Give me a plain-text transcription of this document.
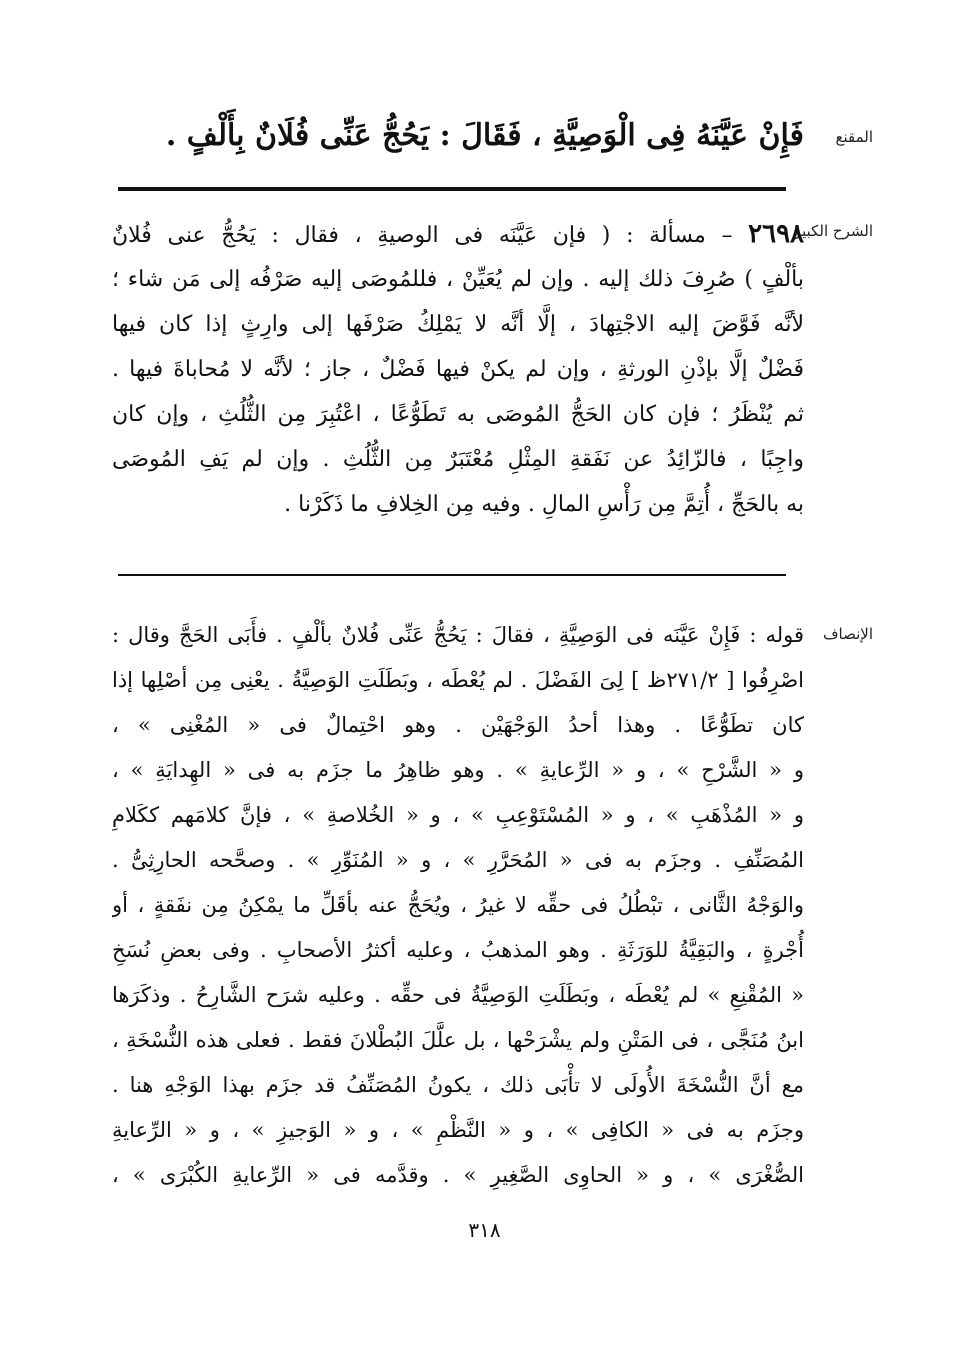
المقنع
فَإِنْ عَيَّنَهُ فِى الْوَصِيَّةِ ، فَقَالَ : يَحُجُّ عَنِّى فُلَانٌ بِأَلْفٍ .
الشرح الكبير
٢٦٩٨ – مسألة : ( فإن عَيَّنَه فى الوصيةِ ، فقال : يَحُجُّ عنى فُلانٌ
بألْفٍ ) صُرِفَ ذلك إليه . وإن لم يُعَيِّنْ ، فللمُوصَى إليه صَرْفُه إلى مَن شاء ؛
لأنَّه فَوَّضَ إليه الاجْتِهادَ ، إلَّا أنَّه لا يَمْلِكُ صَرْفَها إلى وارِثٍ إذا كان فيها
فَضْلٌ إلَّا بإذْنِ الورثةِ ، وإن لم يكنْ فيها فَضْلٌ ، جاز ؛ لأنَّه لا مُحاباةَ فيها .
ثم يُنْظَرُ ؛ فإن كان الحَجُّ المُوصَى به تَطَوُّعًا ، اعْتُبِرَ مِن الثُّلُثِ ، وإن كان
واجِبًا ، فالزّائِدُ عن نَفَقةِ المِثْلِ مُعْتَبَرٌ مِن الثُّلُثِ . وإن لم يَفِ المُوصَى
به بالحَجِّ ، أُتِمَّ مِن رَأْسِ المالِ . وفيه مِن الخِلافِ ما ذَكَرْنا .
الإنصاف
قوله : فَإِنْ عَيَّنَه فى الوَصِيَّةِ ، فقالَ : يَحُجُّ عَنِّى فُلانٌ بألْفٍ . فأَبَى الحَجَّ وقال :
اصْرِفُوا [ ٢٧١/٢ظ ] لِىَ الفَضْلَ . لم يُعْطَه ، وبَطَلَتِ الوَصِيَّةُ . يعْنِى مِن أصْلِها إذا
كان تطَوُّعًا . وهذا أحدُ الوَجْهَيْن . وهو احْتِمالٌ فى « المُغْنِى » ،
و « الشَّرْحِ » ، و « الرِّعايةِ » . وهو ظاهِرُ ما جزَم به فى « الهِدايَةِ » ،
و « المُذْهَبِ » ، و « المُسْتَوْعِبِ » ، و « الخُلاصةِ » ، فإنَّ كلامَهم ككَلامِ
المُصَنِّفِ . وجزَم به فى « المُحَرَّرِ » ، و « المُنَوِّرِ » . وصحَّحه الحارِثِىُّ .
والوَجْهُ الثَّانى ، تبْطُلُ فى حقِّه لا غيرُ ، ويُحَجُّ عنه بأقَلِّ ما يمْكِنُ مِن نفَقةٍ ، أو
أُجْرةٍ ، والبَقِيَّةُ للوَرَثَةِ . وهو المذهبُ ، وعليه أكثرُ الأصحابِ . وفى بعضِ نُسَخِ
« المُقْنِعِ » لم يُعْطَه ، وبَطَلَتِ الوَصِيَّةُ فى حقِّه . وعليه شرَح الشَّارِحُ . وذكَرَها
ابنُ مُنَجَّى ، فى المَتْنِ ولم يشْرَحْها ، بل علَّلَ البُطْلانَ فقط . فعلى هذه النُّسْخَةِ ،
مع أنَّ النُّسْخَةَ الأُولَى لا تأْبَى ذلك ، يكونُ المُصَنِّفُ قد جزَم بهذا الوَجْهِ هنا .
وجزَم به فى « الكافِى » ، و « النَّظْمِ » ، و « الوَجيزِ » ، و « الرِّعايةِ
الصُّغْرَى » ، و « الحاوِى الصَّغِيرِ » . وقدَّمه فى « الرِّعايةِ الكُبْرَى » ،
٣١٨
